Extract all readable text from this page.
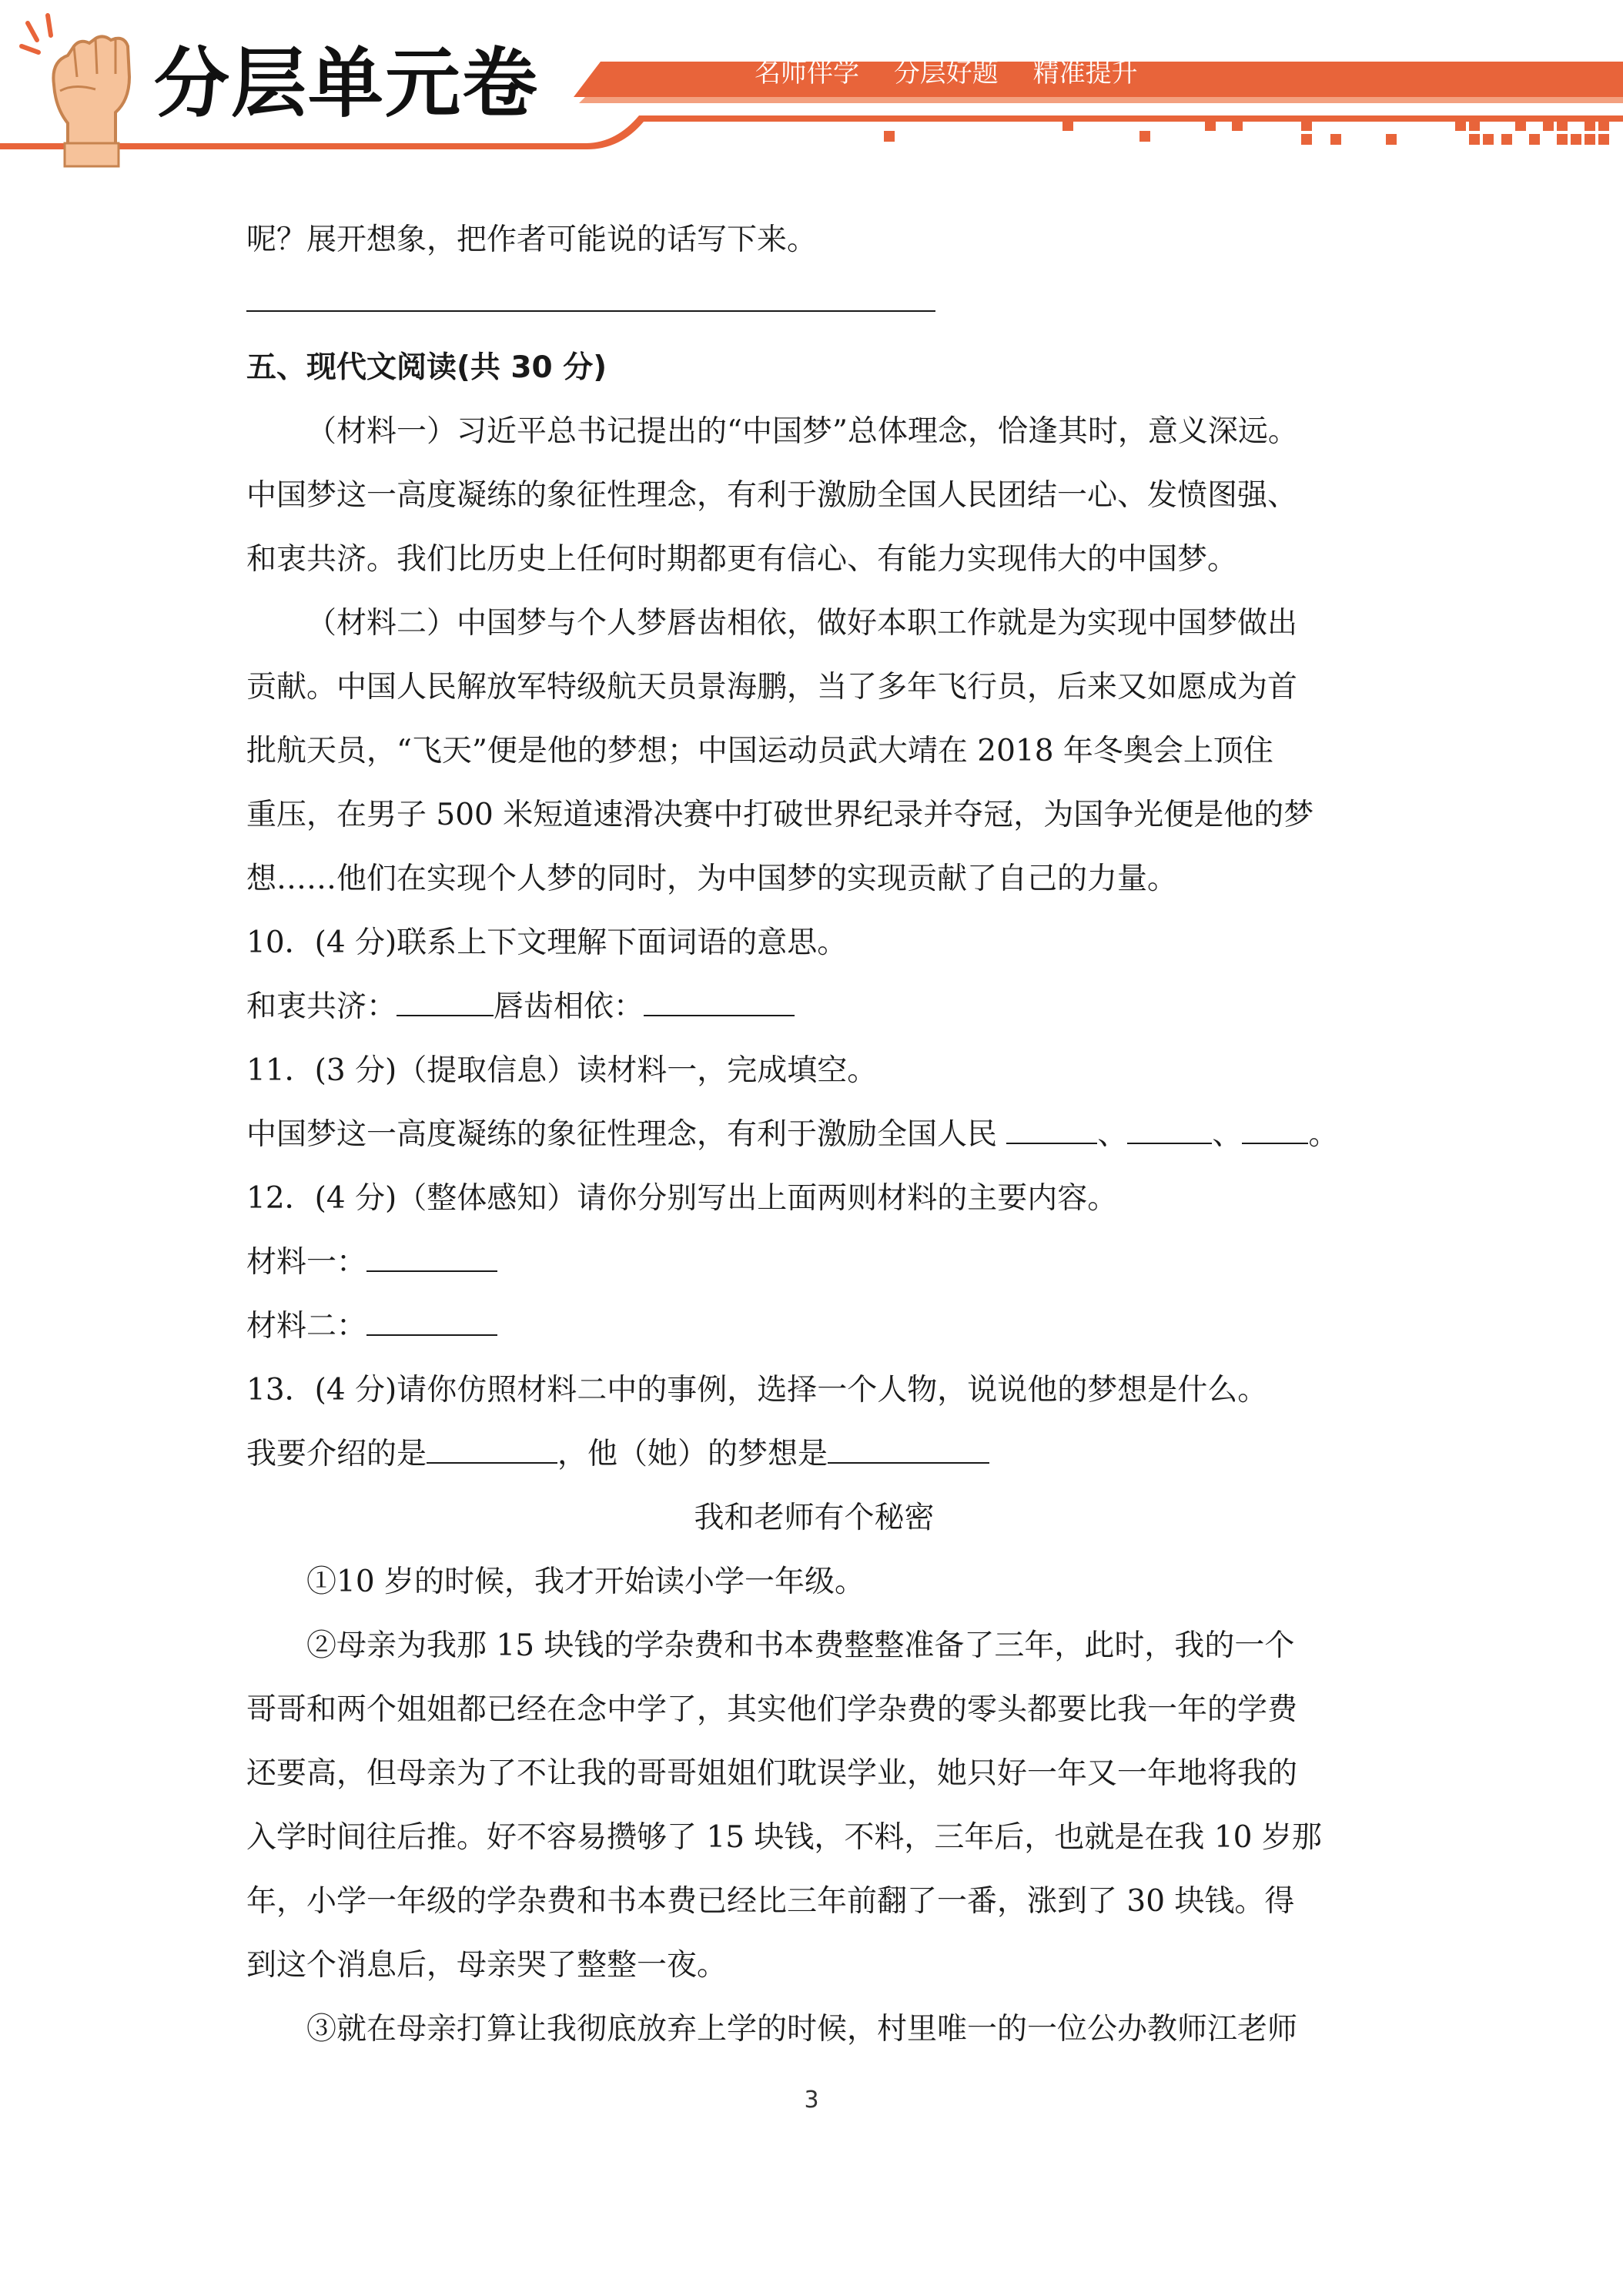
分层单元卷	名师伴学 分层好题 精准提升
呢？展开想象，把作者可能说的话写下来。
五、现代文阅读(共 30 分)
（材料一）习近平总书记提出的“中国梦”总体理念，恰逢其时，意义深远。
中国梦这一高度凝练的象征性理念，有利于激励全国人民团结一心、发愤图强、
和衷共济。我们比历史上任何时期都更有信心、有能力实现伟大的中国梦。
（材料二）中国梦与个人梦唇齿相依，做好本职工作就是为实现中国梦做出
贡献。中国人民解放军特级航天员景海鹏，当了多年飞行员，后来又如愿成为首
批航天员，“飞天”便是他的梦想；中国运动员武大靖在 2018 年冬奥会上顶住
重压，在男子 500 米短道速滑决赛中打破世界纪录并夺冠，为国争光便是他的梦
想……他们在实现个人梦的同时，为中国梦的实现贡献了自己的力量。
10．(4 分)联系上下文理解下面词语的意思。
和衷共济：	唇齿相依：
11．(3 分)（提取信息）读材料一，完成填空。
中国梦这一高度凝练的象征性理念，有利于激励全国人民	、	、 。
12．(4 分)（整体感知）请你分别写出上面两则材料的主要内容。
材料一：
材料二：
13．(4 分)请你仿照材料二中的事例，选择一个人物，说说他的梦想是什么。
我要介绍的是	，他（她）的梦想是
我和老师有个秘密
①10 岁的时候，我才开始读小学一年级。
②母亲为我那 15 块钱的学杂费和书本费整整准备了三年，此时，我的一个
哥哥和两个姐姐都已经在念中学了，其实他们学杂费的零头都要比我一年的学费
还要高，但母亲为了不让我的哥哥姐姐们耽误学业，她只好一年又一年地将我的
入学时间往后推。好不容易攒够了 15 块钱，不料，三年后，也就是在我 10 岁那
年，小学一年级的学杂费和书本费已经比三年前翻了一番，涨到了 30 块钱。得
到这个消息后，母亲哭了整整一夜。
③就在母亲打算让我彻底放弃上学的时候，村里唯一的一位公办教师江老师
3
